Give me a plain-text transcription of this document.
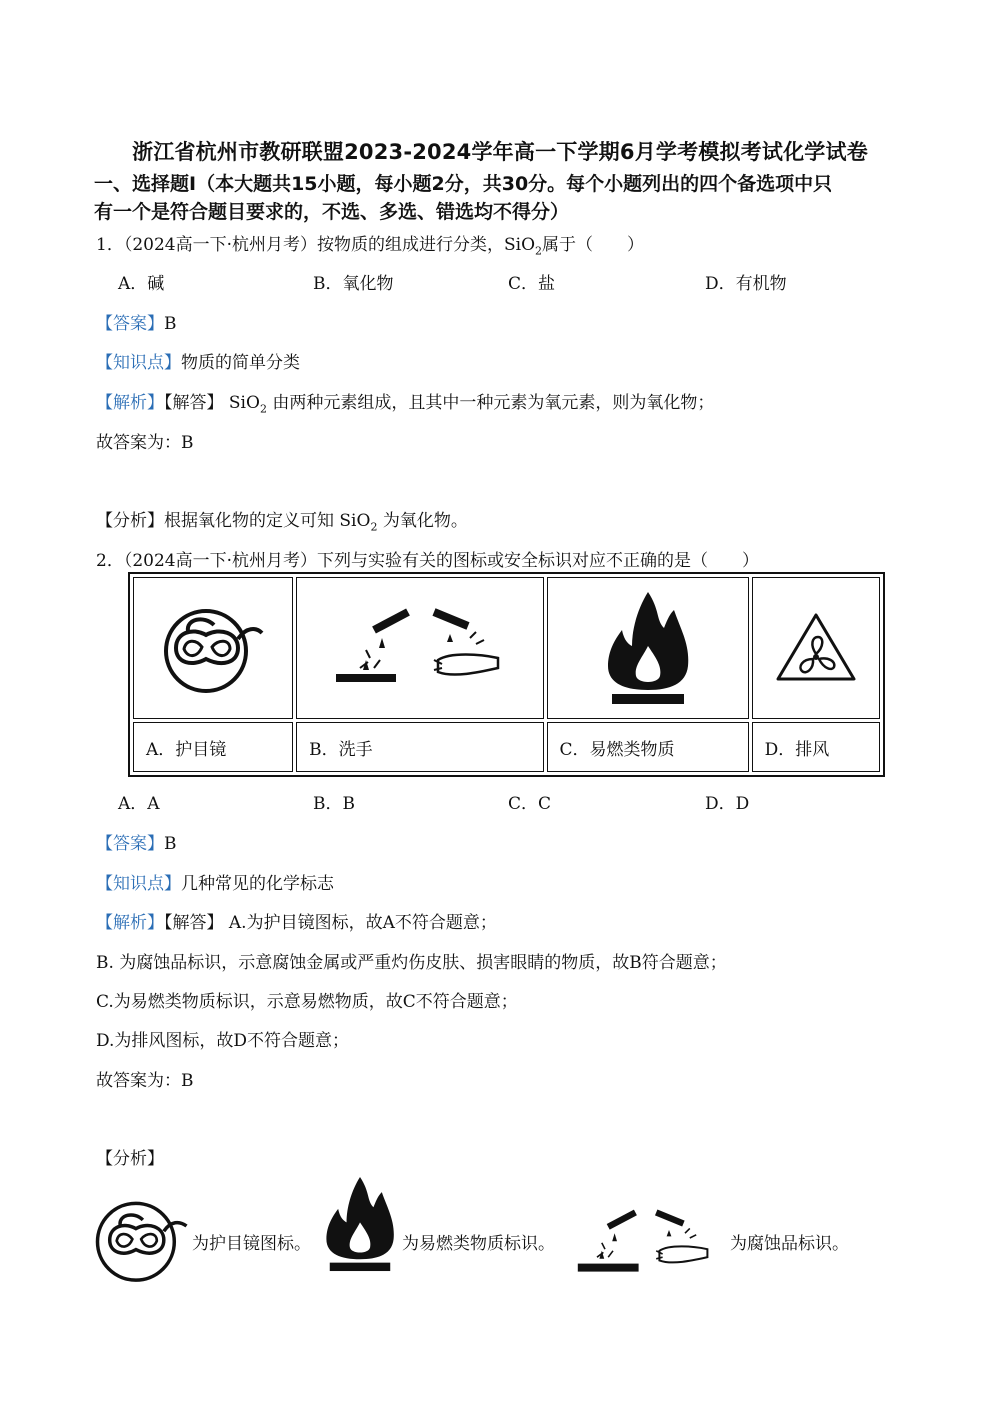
浙江省杭州市教研联盟2023-2024学年高一下学期6月学考模拟考试化学试卷
一、选择题Ⅰ（本大题共15小题，每小题2分，共30分。每个小题列出的四个备选项中只
有一个是符合题目要求的，不选、多选、错选均不得分）
1．（2024高一下·杭州月考）按物质的组成进行分类，SiO$_2$属于（　　）
A．碱	B．氧化物	C．盐	D．有机物
【答案】B
【知识点】物质的简单分类
【解析】【解答】 SiO$_2$ 由两种元素组成，且其中一种元素为氧元素，则为氧化物；
故答案为：B
【分析】根据氧化物的定义可知 SiO$_2$ 为氧化物。
2．（2024高一下·杭州月考）下列与实验有关的图标或安全标识对应不正确的是（　　）

A．护目镜	B．洗手	C．易燃类物质	D．排风
A．A	B．B	C．C	D．D
【答案】B
【知识点】几种常见的化学标志
【解析】【解答】 A.为护目镜图标，故A不符合题意；
B. 为腐蚀品标识，示意腐蚀金属或严重灼伤皮肤、损害眼睛的物质，故B符合题意；
C.为易燃类物质标识，示意易燃物质，故C不符合题意；
D.为排风图标，故D不符合题意；
故答案为：B
【分析】
为护目镜图标。	为易燃类物质标识。	为腐蚀品标识。
